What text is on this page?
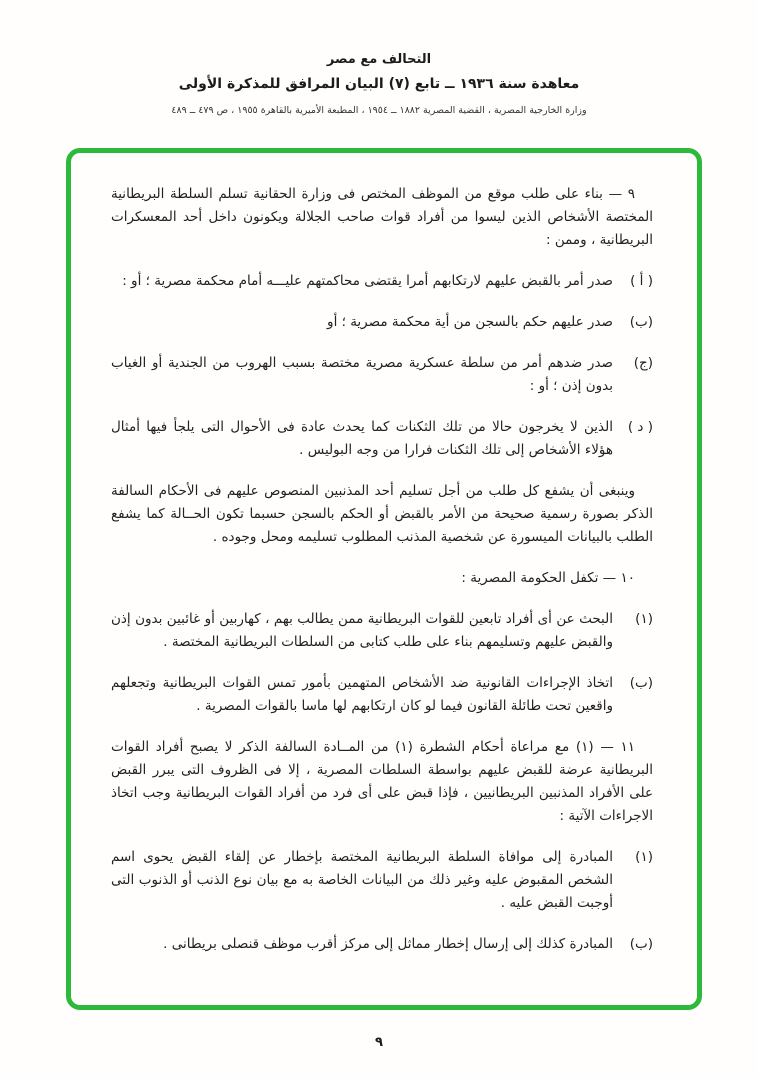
التحالف مع مصر
معاهدة سنة ١٩٣٦ ــ تابع (٧) البيان المرافق للمذكرة الأولى
وزارة الخارجية المصرية ، القضية المصرية ١٨٨٢ ــ ١٩٥٤ ، المطبعة الأميرية بالقاهرة ١٩٥٥ ، ص ٤٧٩ ــ ٤٨٩
٩ — بناء على طلب موقع من الموظف المختص فى وزارة الحقانية تسلم السلطة البريطانية المختصة الأشخاص الذين ليسوا من أفراد قوات صاحب الجلالة ويكونون داخل أحد المعسكرات البريطانية ، وممن :
( أ )صدر أمر بالقبض عليهم لارتكابهم أمرا يقتضى محاكمتهم عليـــه أمام محكمة مصرية ؛ أو :
(ب)صدر عليهم حكم بالسجن من أية محكمة مصرية ؛ أو
(ج)صدر ضدهم أمر من سلطة عسكرية مصرية مختصة بسبب الهروب من الجندية أو الغياب بدون إذن ؛ أو :
( د )الذين لا يخرجون حالا من تلك الثكنات كما يحدث عادة فى الأحوال التى يلجأ فيها أمثال هؤلاء الأشخاص إلى تلك الثكنات فرارا من وجه البوليس .
وينبغى أن يشفع كل طلب من أجل تسليم أحد المذنبين المنصوص عليهم فى الأحكام السالفة الذكر بصورة رسمية صحيحة من الأمر بالقبض أو الحكم بالسجن حسبما تكون الحــالة كما يشفع الطلب بالبيانات الميسورة عن شخصية المذنب المطلوب تسليمه ومحل وجوده .
١٠ — تكفل الحكومة المصرية :
(١)البحث عن أى أفراد تابعين للقوات البريطانية ممن يطالب بهم ، كهاربين أو غائبين بدون إذن والقبض عليهم وتسليمهم بناء على طلب كتابى من السلطات البريطانية المختصة .
(ب)اتخاذ الإجراءات القانونية ضد الأشخاص المتهمين بأمور تمس القوات البريطانية وتجعلهم واقعين تحت طائلة القانون فيما لو كان ارتكابهم لها ماسا بالقوات المصرية .
١١ — (١) مع مراعاة أحكام الشطرة (١) من المــادة السالفة الذكر لا يصبح أفراد القوات البريطانية عرضة للقبض عليهم بواسطة السلطات المصرية ، إلا فى الظروف التى يبرر القبض على الأفراد المذنبين البريطانيين ، فإذا قبض على أى فرد من أفراد القوات البريطانية وجب اتخاذ الاجراءات الآتية :
(١)المبادرة إلى موافاة السلطة البريطانية المختصة بإخطار عن إلقاء القبض يحوى اسم الشخص المقبوض عليه وغير ذلك من البيانات الخاصة به مع بيان نوع الذنب أو الذنوب التى أوجبت القبض عليه .
(ب)المبادرة كذلك إلى إرسال إخطار مماثل إلى مركز أقرب موظف قنصلى بريطانى .
٩
